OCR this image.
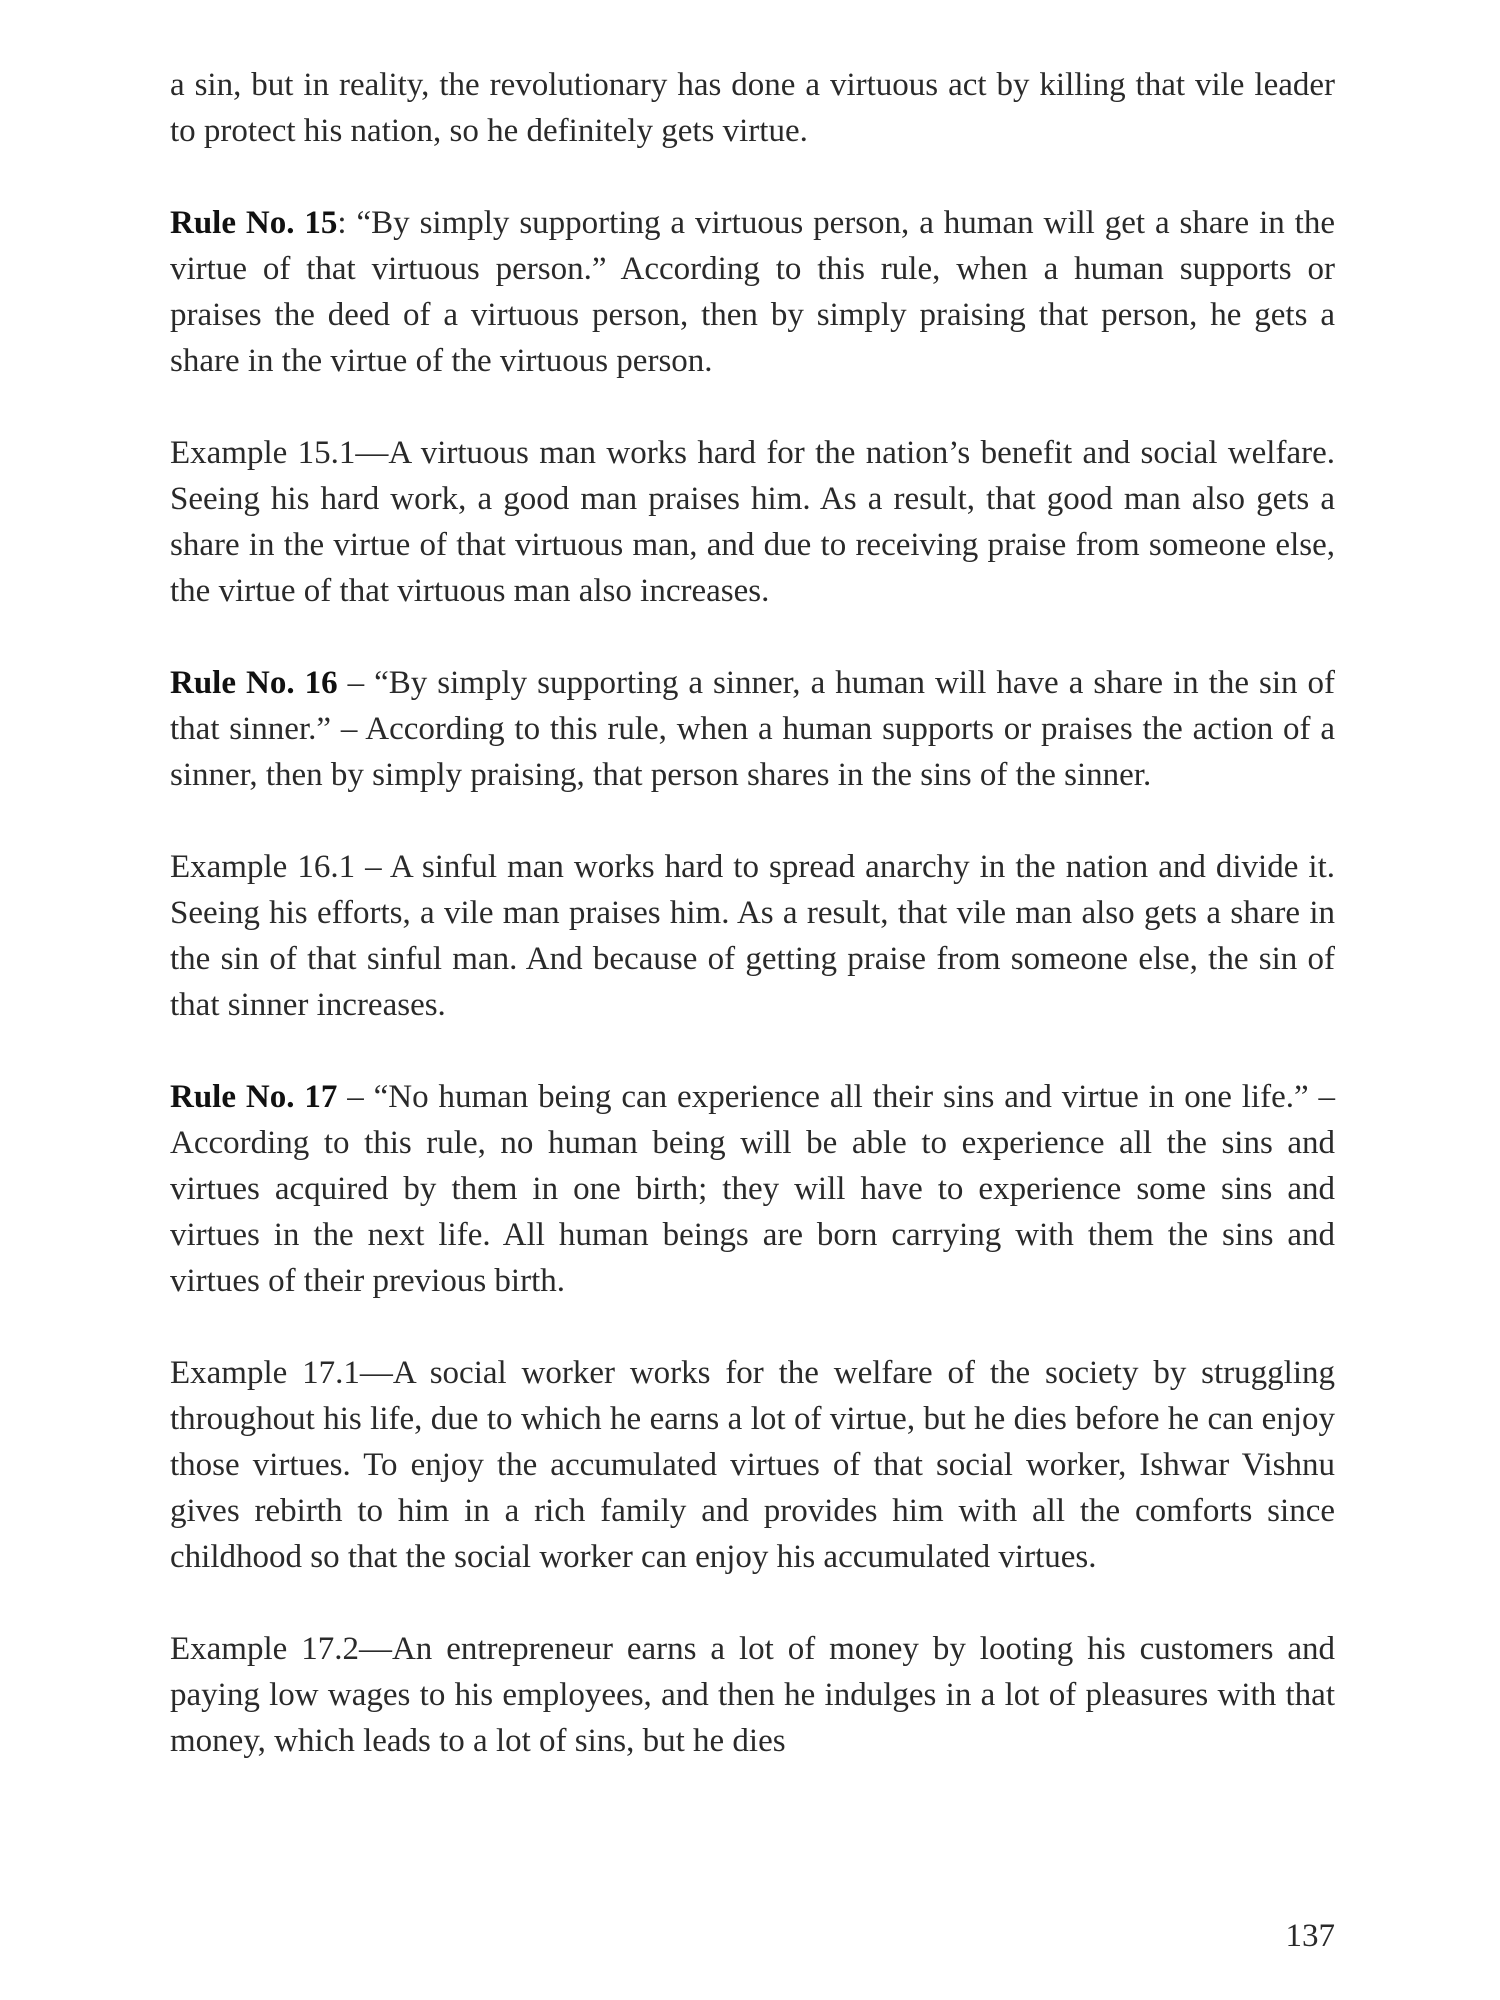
a sin, but in reality, the revolutionary has done a virtuous act by killing that vile leader to protect his nation, so he definitely gets virtue.

Rule No. 15: “By simply supporting a virtuous person, a human will get a share in the virtue of that virtuous person.” According to this rule, when a human supports or praises the deed of a virtuous person, then by simply praising that person, he gets a share in the virtue of the virtuous person.

Example 15.1—A virtuous man works hard for the nation’s benefit and social welfare. Seeing his hard work, a good man praises him. As a result, that good man also gets a share in the virtue of that virtuous man, and due to receiving praise from someone else, the virtue of that virtuous man also increases.

Rule No. 16 – “By simply supporting a sinner, a human will have a share in the sin of that sinner.” – According to this rule, when a human supports or praises the action of a sinner, then by simply praising, that person shares in the sins of the sinner.

Example 16.1 – A sinful man works hard to spread anarchy in the nation and divide it. Seeing his efforts, a vile man praises him. As a result, that vile man also gets a share in the sin of that sinful man. And because of getting praise from someone else, the sin of that sinner increases.

Rule No. 17 – “No human being can experience all their sins and virtue in one life.” – According to this rule, no human being will be able to experience all the sins and virtues acquired by them in one birth; they will have to experience some sins and virtues in the next life. All human beings are born carrying with them the sins and virtues of their previous birth.

Example 17.1—A social worker works for the welfare of the society by struggling throughout his life, due to which he earns a lot of virtue, but he dies before he can enjoy those virtues. To enjoy the accumulated virtues of that social worker, Ishwar Vishnu gives rebirth to him in a rich family and provides him with all the comforts since childhood so that the social worker can enjoy his accumulated virtues.

Example 17.2—An entrepreneur earns a lot of money by looting his customers and paying low wages to his employees, and then he indulges in a lot of pleasures with that money, which leads to a lot of sins, but he dies

137
